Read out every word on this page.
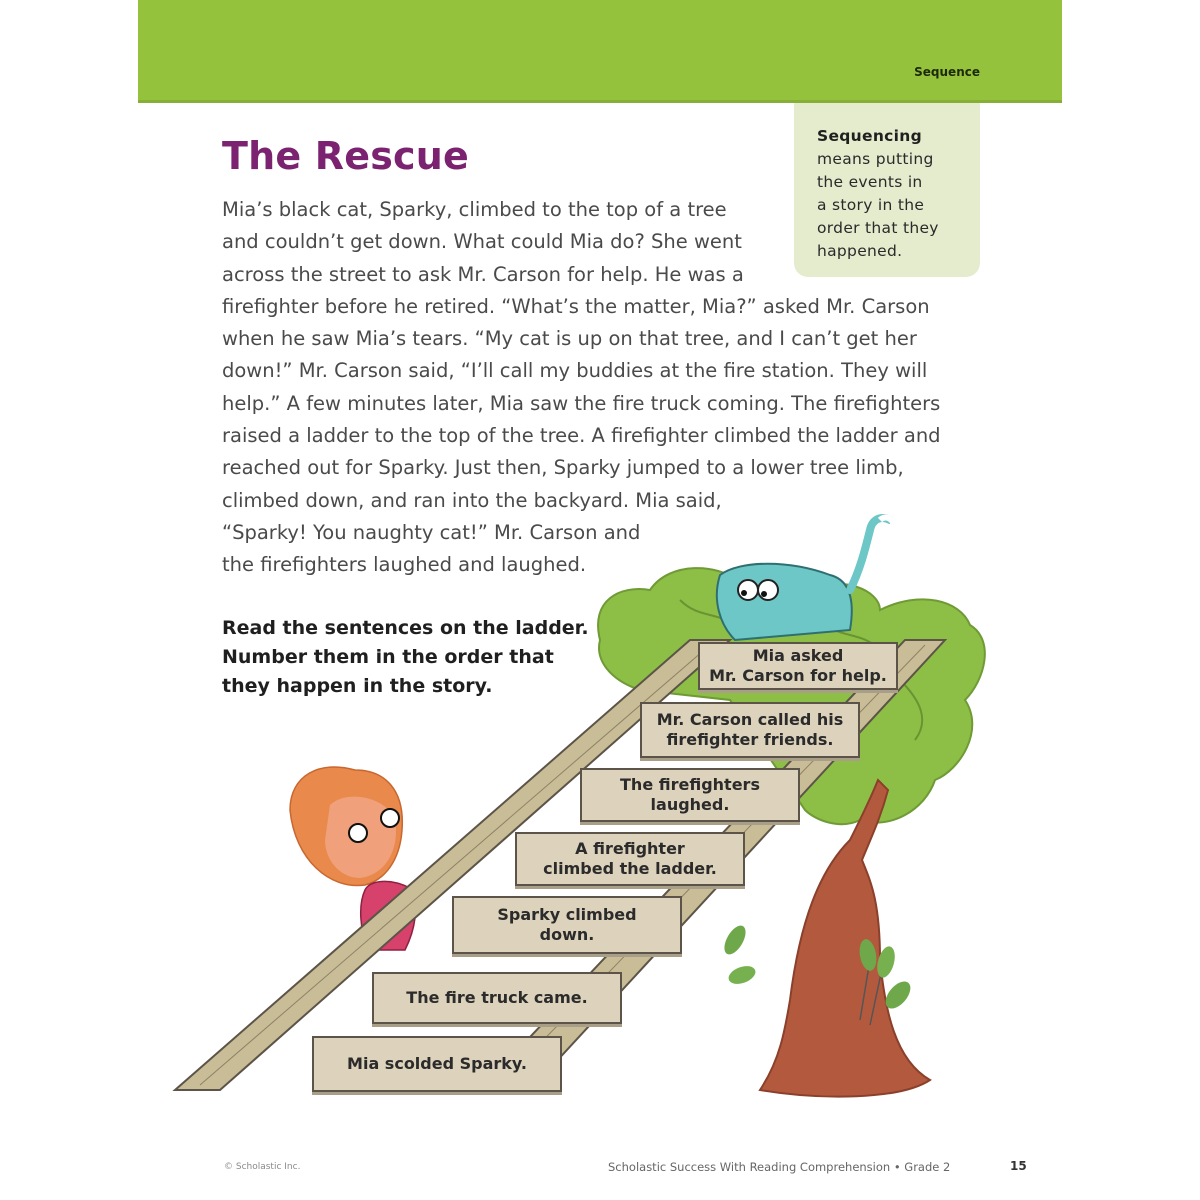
Sequence
Sequencing
means putting
the events in
a story in the
order that they
happened.
The Rescue
Mia’s black cat, Sparky, climbed to the top of a tree
and couldn’t get down. What could Mia do? She went
across the street to ask Mr. Carson for help. He was a
firefighter before he retired. “What’s the matter, Mia?” asked Mr. Carson
when he saw Mia’s tears. “My cat is up on that tree, and I can’t get her
down!” Mr. Carson said, “I’ll call my buddies at the fire station. They will
help.” A few minutes later, Mia saw the fire truck coming. The firefighters
raised a ladder to the top of the tree. A firefighter climbed the ladder and
reached out for Sparky. Just then, Sparky jumped to a lower tree limb,
climbed down, and ran into the backyard. Mia said,
“Sparky! You naughty cat!” Mr. Carson and
the firefighters laughed and laughed.
Read the sentences on the ladder.
Number them in the order that
they happen in the story.
Mia asked
Mr. Carson for help.
Mr. Carson called his
firefighter friends.
The firefighters
laughed.
A firefighter
climbed the ladder.
Sparky climbed
down.
The fire truck came.
Mia scolded Sparky.
© Scholastic Inc.	Scholastic Success With Reading Comprehension • Grade 2	15
